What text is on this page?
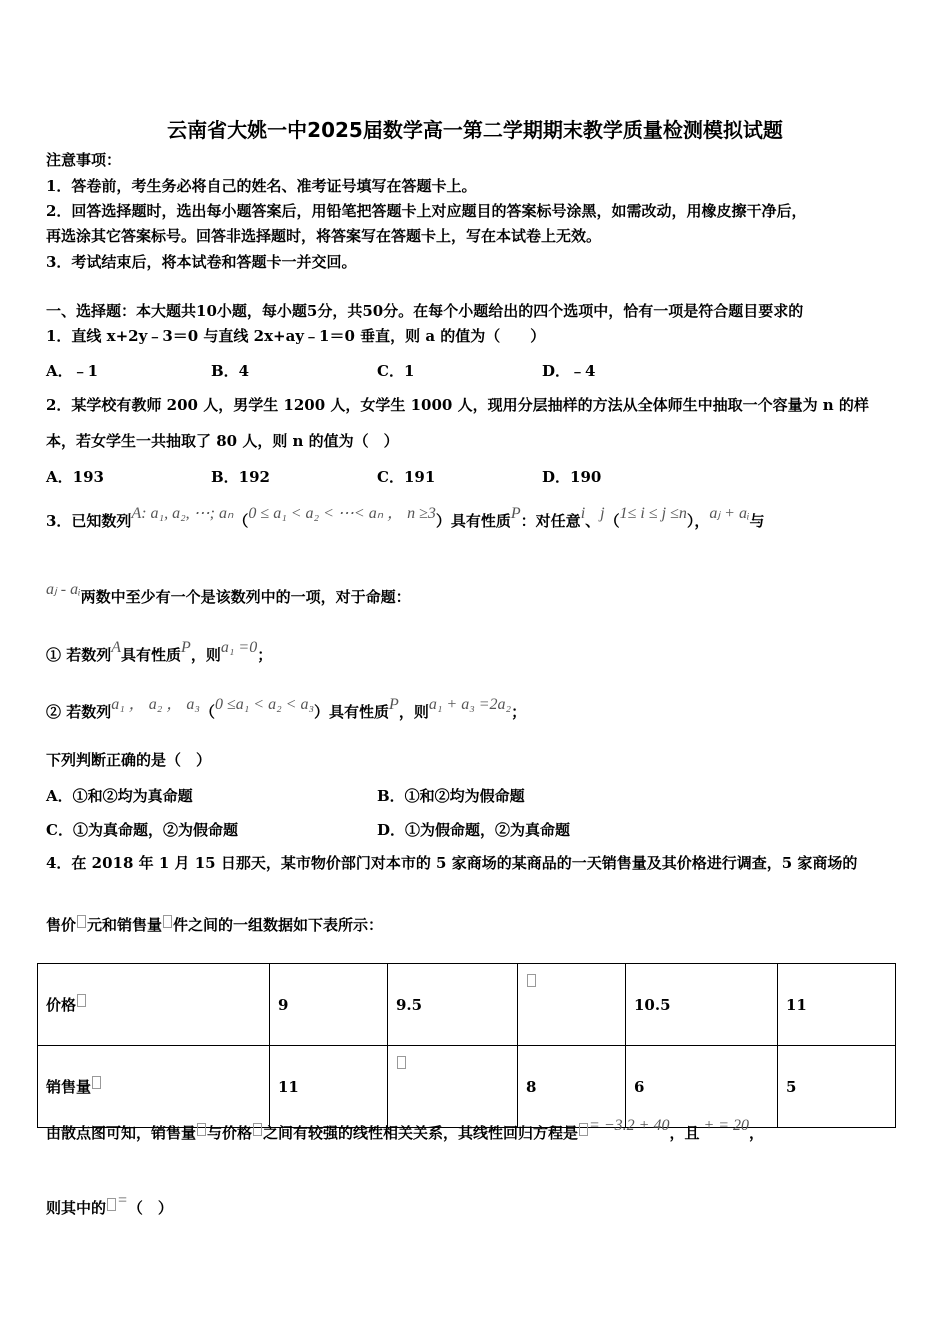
云南省大姚一中2025届数学高一第二学期期末教学质量检测模拟试题
注意事项：
1．答卷前，考生务必将自己的姓名、准考证号填写在答题卡上。
2．回答选择题时，选出每小题答案后，用铅笔把答题卡上对应题目的答案标号涂黑，如需改动，用橡皮擦干净后，
再选涂其它答案标号。回答非选择题时，将答案写在答题卡上，写在本试卷上无效。
3．考试结束后，将本试卷和答题卡一并交回。
一、选择题：本大题共10小题，每小题5分，共50分。在每个小题给出的四个选项中，恰有一项是符合题目要求的
1．直线 x+2y﹣3＝0 与直线 2x+ay﹣1＝0 垂直，则 a 的值为（　　）
A．﹣1	B．4	C．1	D．﹣4
2．某学校有教师 200 人，男学生 1200 人，女学生 1000 人，现用分层抽样的方法从全体师生中抽取一个容量为 n 的样
本，若女学生一共抽取了 80 人，则 n 的值为（　）
A．193	B．192	C．191	D．190
3．已知数列A: a₁, a₂, ⋯; aₙ（0 ≤ a₁ < a₂ < ⋯< aₙ ， n ≥3）具有性质P：对任意i、j（1≤ i ≤ j ≤n），aⱼ + aᵢ与
aⱼ - aᵢ两数中至少有一个是该数列中的一项，对于命题：
① 若数列A具有性质P，则a₁ =0；
② 若数列a₁ ， a₂ ， a₃（0 ≤a₁ < a₂ < a₃）具有性质P，则a₁ + a₃ =2a₂；
下列判断正确的是（　）
A．①和②均为真命题	B．①和②均为假命题
C．①为真命题，②为假命题	D．①为假命题，②为真命题
4．在 2018 年 1 月 15 日那天，某市物价部门对本市的 5 家商场的某商品的一天销售量及其价格进行调查，5 家商场的
售价 元和销售量 件之间的一组数据如下表所示：
价格	9	9.5		10.5	11
销售量	11		8	6	5
由散点图可知，销售量 与价格 之间有较强的线性相关关系，其线性回归方程是 = −3.2 + 40，且 + = 20，
则其中的 =（　）
